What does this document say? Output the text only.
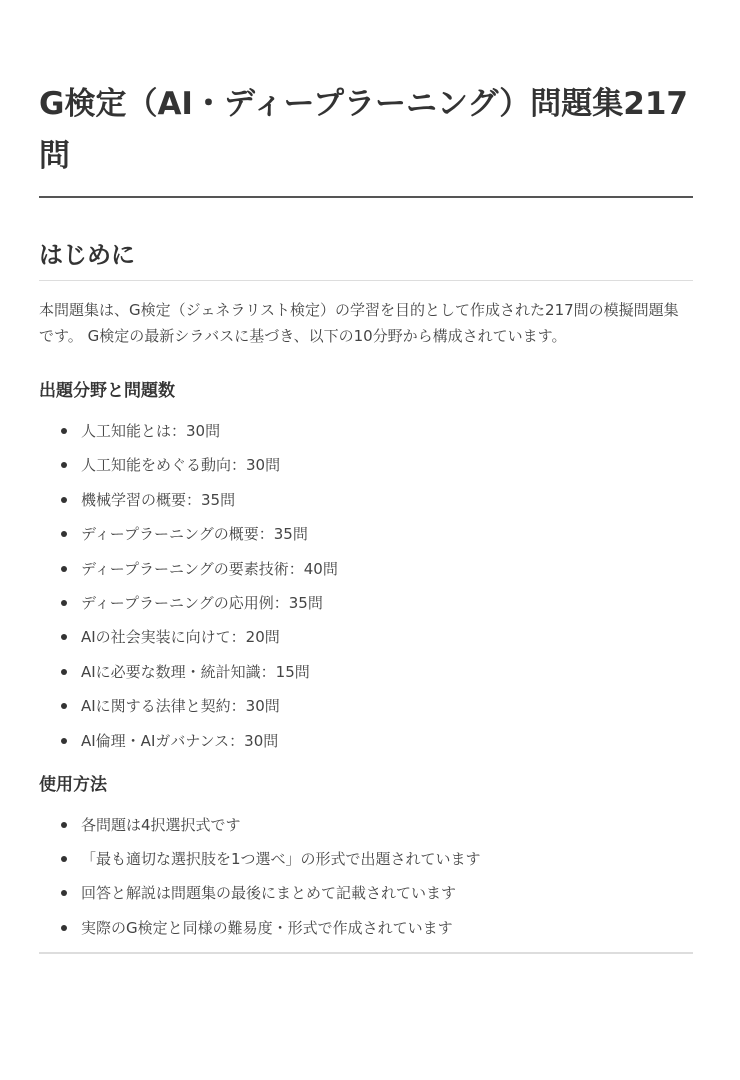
G検定（AI・ディープラーニング）問題集217問
はじめに

本問題集は、G検定（ジェネラリスト検定）の学習を目的として作成された217問の模擬問題集です。 G検定の最新シラバスに基づき、以下の10分野から構成されています。

出題分野と問題数
人工知能とは：30問
人工知能をめぐる動向：30問
機械学習の概要：35問
ディープラーニングの概要：35問
ディープラーニングの要素技術：40問
ディープラーニングの応用例：35問
AIの社会実装に向けて：20問
AIに必要な数理・統計知識：15問
AIに関する法律と契約：30問
AI倫理・AIガバナンス：30問
使用方法
各問題は4択選択式です
「最も適切な選択肢を1つ選べ」の形式で出題されています
回答と解説は問題集の最後にまとめて記載されています
実際のG検定と同様の難易度・形式で作成されています
